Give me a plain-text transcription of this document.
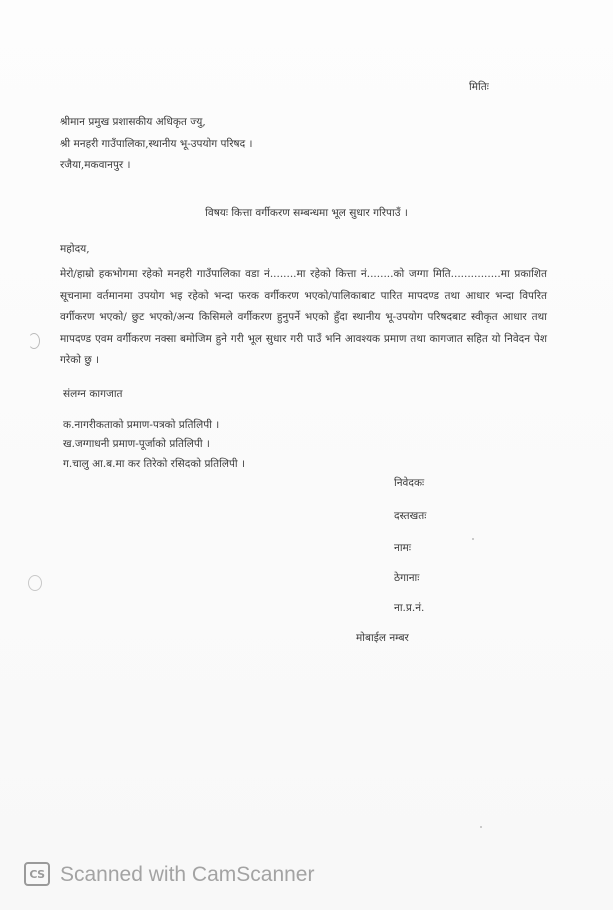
मितिः
श्रीमान प्रमुख प्रशासकीय अधिकृत ज्यु,
श्री मनहरी गाउँपालिका,स्थानीय भू-उपयोग परिषद ।
रजैया,मकवानपुर ।
विषयः कित्ता वर्गीकरण सम्बन्धमा भूल सुधार गरिपाउँ ।
महोदय,
मेरो/हाम्रो हकभोगमा रहेको मनहरी गाउँपालिका वडा नं........मा रहेको कित्ता नं........को जग्गा मिति...............मा प्रकाशित सूचनामा वर्तमानमा उपयोग भइ रहेको भन्दा फरक वर्गीकरण भएको/पालिकाबाट पारित मापदण्ड तथा आधार भन्दा विपरित वर्गीकरण भएको/ छुट भएको/अन्य किसिमले वर्गीकरण हुनुपर्ने भएको हुँदा स्थानीय भू-उपयोग परिषदबाट स्वीकृत आधार तथा मापदण्ड एवम वर्गीकरण नक्सा बमोजिम हुने गरी भूल सुधार गरी पाउँ भनि आवश्यक प्रमाण तथा कागजात सहित यो निवेदन पेश गरेको छु ।
संलग्न कागजात
क.नागरीकताको प्रमाण-पत्रको प्रतिलिपी ।
ख.जग्गाधनी प्रमाण-पूर्जाको प्रतिलिपी ।
ग.चालु आ.ब.मा कर तिरेको रसिदको प्रतिलिपी ।
निवेदकः
दस्तखतः
नामः
ठेगानाः
ना.प्र.नं.
मोबाईल नम्बर
CS Scanned with CamScanner
